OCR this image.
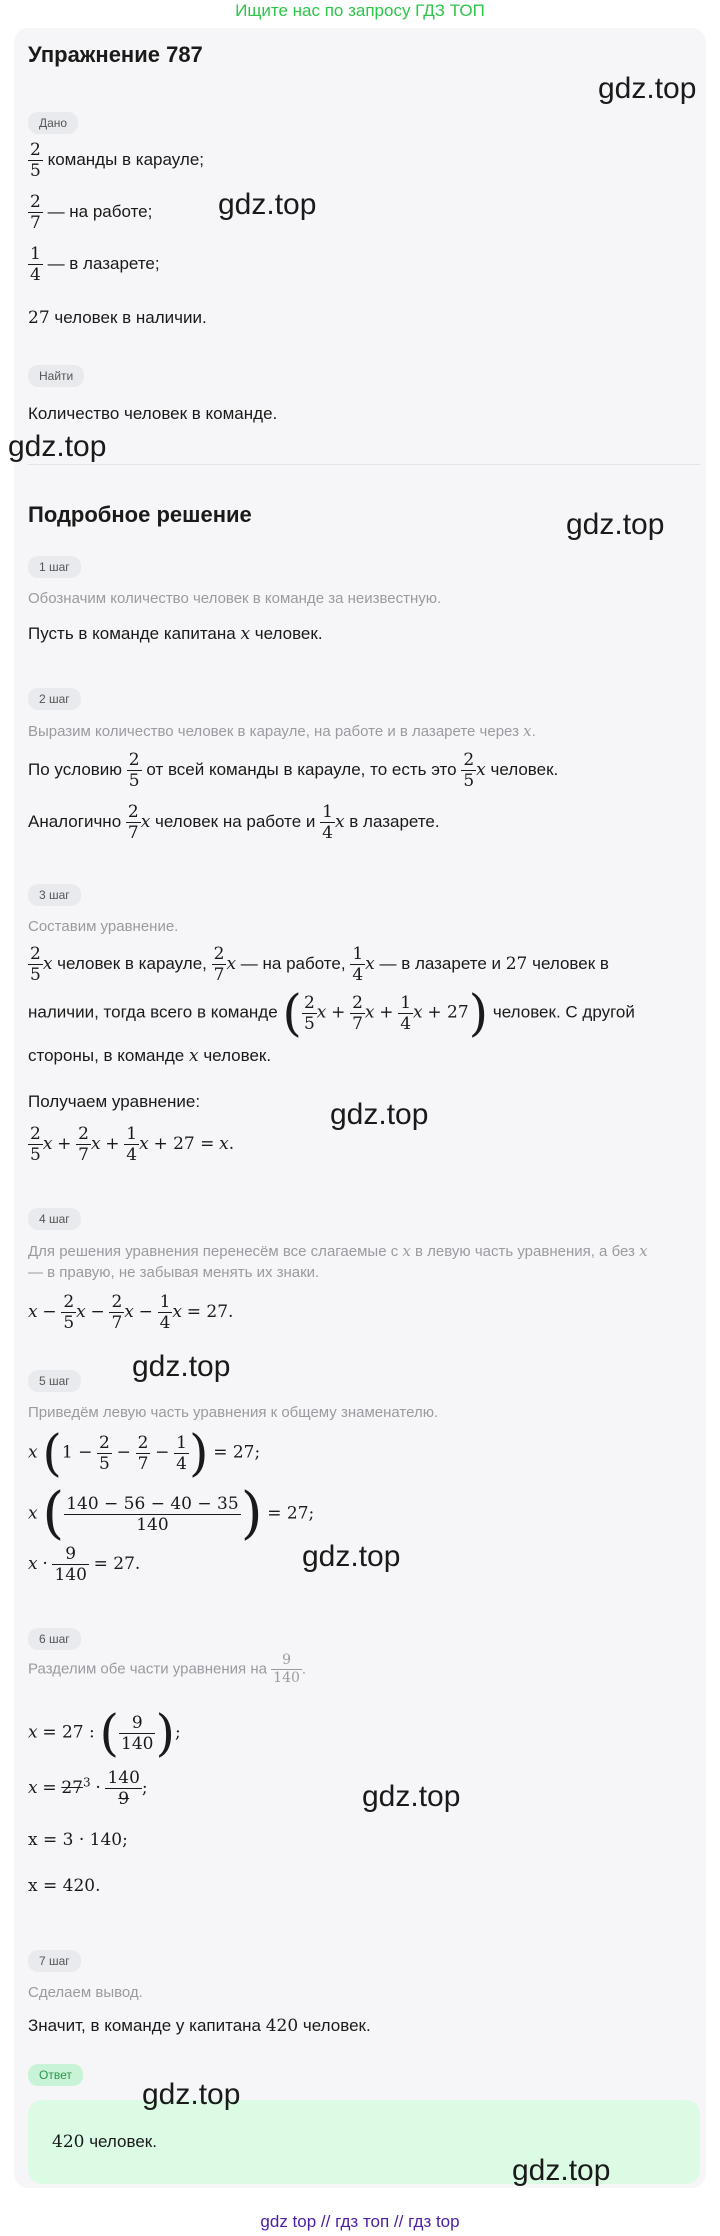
Ищите нас по запросу ГДЗ ТОП
Упражнение 787
Дано
$\frac{2}{5}$ команды в карауле;
$\frac{2}{7}$ — на работе;
$\frac{1}{4}$ — в лазарете;
27 человек в наличии.
Найти
Количество человек в команде.
Подробное решение
1 шаг
Обозначим количество человек в команде за неизвестную.
Пусть в команде капитана x человек.
2 шаг
Выразим количество человек в карауле, на работе и в лазарете через x.
По условию $\frac{2}{5}$ от всей команды в карауле, то есть это $\frac{2}{5}$ x человек.
Аналогично $\frac{2}{7}$ x человек на работе и $\frac{1}{4}$ x в лазарете.
3 шаг
Составим уравнение.
$\frac{2}{5}$ x человек в карауле, $\frac{2}{7}$ x — на работе, $\frac{1}{4}$ x — в лазарете и 27 человек в
наличии, тогда всего в команде ( $\frac{2}{5}$ $x + \frac{2}{7}$ $x + \frac{1}{4}$ x + 27) человек. С другой
стороны, в команде x человек.
Получаем уравнение:
$\frac{2}{5}$ $x + \frac{2}{7}$ $x + \frac{1}{4}$ x + 27 = x.
4 шаг
Для решения уравнения перенесём все слагаемые с x в левую часть уравнения, а без x
— в правую, не забывая менять их знаки.
$x - \frac{2}{5}$ $x - \frac{2}{7}$ $x - \frac{1}{4}$ x = 27.
5 шаг
Приведём левую часть уравнения к общему знаменателю.
x ($1 - \frac{2}{5} - \frac{2}{7} - \frac{1}{4}$ ) = 27;
x ( $\frac{140 - 56 - 40 - 35}{140}$ ) = 27;
$x \cdot \frac{9}{140} = 27$.
6 шаг
Разделим обе части уравнения на $\frac{9}{140}$ .
x = 27 : ( $\frac{9}{140}$ );
$x = 27^3 \cdot \frac{140}{9}$ ;
x = 3 · 140;
x = 420.
7 шаг
Сделаем вывод.
Значит, в команде у капитана 420 человек.
Ответ
420 человек.
gdz.top
gdz.top
gdz.top
gdz.top
gdz.top
gdz.top
gdz.top
gdz.top
gdz.top
gdz.top
gdz top // гдз топ // гдз top
